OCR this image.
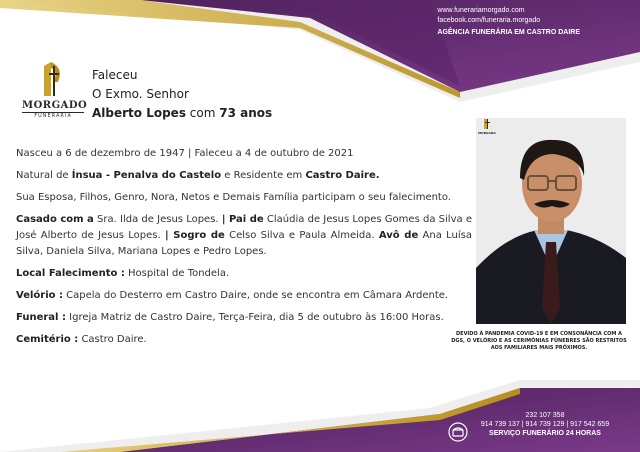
www.funerariamorgado.com
facebook.com/funeraria.morgado
AGÊNCIA FUNERÁRIA EM CASTRO DAIRE
MORGADO
FUNERÁRIA
Faleceu
O Exmo. Senhor
Alberto Lopes com 73 anos

Nasceu a 6 de dezembro de 1947 | Faleceu a 4 de outubro de 2021

Natural de Ínsua - Penalva do Castelo e Residente em Castro Daire.

Sua Esposa, Filhos, Genro, Nora, Netos e Demais Família participam o seu falecimento.

Casado com a Sra. Ilda de Jesus Lopes. | Pai de Claúdia de Jesus Lopes Gomes da Silva e José Alberto de Jesus Lopes. | Sogro de Celso Silva e Paula Almeida. Avô de Ana Luísa Silva, Daniela Silva, Mariana Lopes e Pedro Lopes.

Local Falecimento : Hospital de Tondela.

Velório : Capela do Desterro em Castro Daire, onde se encontra em Câmara Ardente.

Funeral : Igreja Matriz de Castro Daire, Terça-Feira, dia 5 de outubro às 16:00 Horas.

Cemitério : Castro Daire.

MORGADO
DEVIDO À PANDEMIA COVID-19 E EM CONSONÂNCIA COM A DGS, O VELÓRIO E AS CERIMÓNIAS FÚNEBRES SÃO RESTRITOS AOS FAMILIARES MAIS PRÓXIMOS.
232 107 358
914 739 137 | 914 739 129 | 917 542 659
SERVIÇO FUNERÁRIO 24 HORAS
